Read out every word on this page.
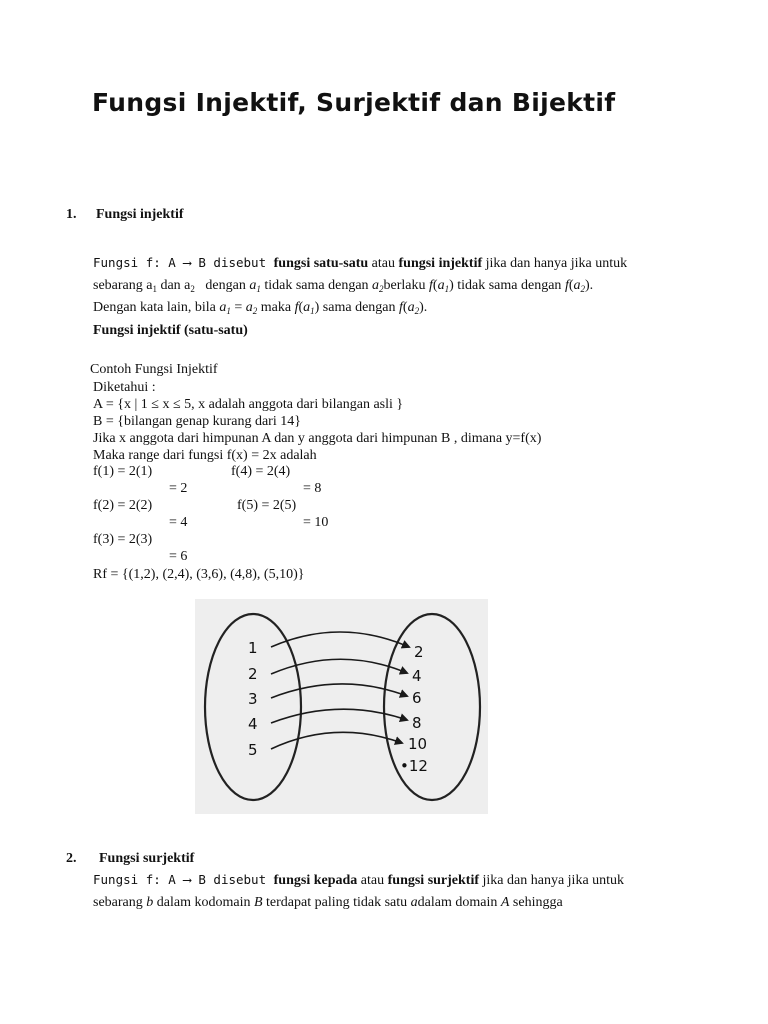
Fungsi Injektif, Surjektif dan Bijektif
1. Fungsi injektif
Fungsi f: A ⟶ B disebut fungsi satu-satu atau fungsi injektif jika dan hanya jika untuk
sebarang $a_1$ dan $a_2$   dengan $a_1$ tidak sama dengan $a_2berlaku$ $f(a_1)$ tidak sama dengan $f(a_2)$.
Dengan kata lain, bila $a_1 = a_2$ maka $f(a_1)$ sama dengan $f(a_2)$.
Fungsi injektif (satu-satu)
Contoh Fungsi Injektif
Diketahui :
A = {x | 1 ≤ x ≤ 5, x adalah anggota dari bilangan asli }
B = {bilangan genap kurang dari 14}
Jika x anggota dari himpunan A dan y anggota dari himpunan B , dimana y=f(x)
Maka range dari fungsi f(x) = 2x adalah
f(1) = 2(1)
= 2
f(2) = 2(2)
= 4
f(3) = 2(3)
= 6
f(4) = 2(4)
= 8
f(5) = 2(5)
= 10
Rf = {(1,2), (2,4), (3,6), (4,8), (5,10)}
1
2
3
4
5
2
4
6
8
10
•12
2. Fungsi surjektif
Fungsi f: A ⟶ B disebut fungsi kepada atau fungsi surjektif jika dan hanya jika untuk
sebarang b dalam kodomain B terdapat paling tidak satu adalam domain A sehingga
